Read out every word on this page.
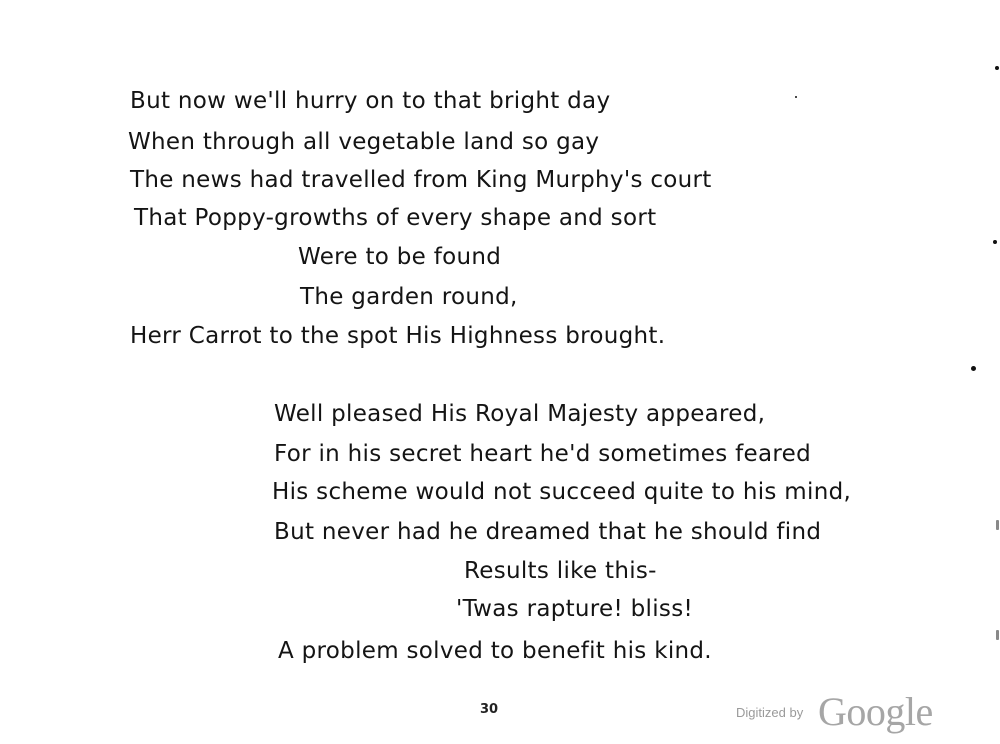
But now we'll hurry on to that bright day
When through all vegetable land so gay
The news had travelled from King Murphy's court
That Poppy-growths of every shape and sort
Were to be found
The garden round,
Herr Carrot to the spot His Highness brought.
Well pleased His Royal Majesty appeared,
For in his secret heart he'd sometimes feared
His scheme would not succeed quite to his mind,
But never had he dreamed that he should find
Results like this-
'Twas rapture! bliss!
A problem solved to benefit his kind.
30	Digitized by Google
